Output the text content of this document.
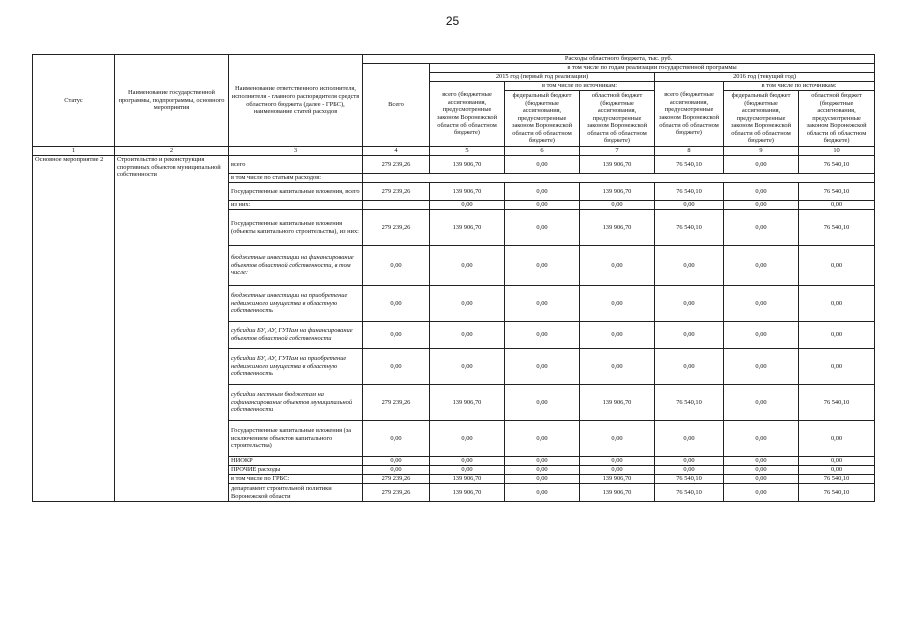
25
Статус	Наименование государственной программы, подпрограммы, основного мероприятия	Наименование ответственного исполнителя, исполнителя - главного распорядителя средств областного бюджета (далее - ГРБС), наименование статей расходов	Расходы областного бюджета, тыс. руб.						
			Всего	в том числе по годам реализации государственной программы					
				2015 год (первый год реализации)			2016 год (текущий год)		
				всего (бюджетные ассигнования, предусмотренные законом Воронежской области об областном бюджете)	в том числе по источникам:		всего (бюджетные ассигнования, предусмотренные законом Воронежской области об областном бюджете)	в том числе по источникам:	
					федеральный бюджет (бюджетные ассигнования, предусмотренные законом Воронежской области об областном бюджете)	областной бюджет (бюджетные ассигнования, предусмотренные законом Воронежской области об областном бюджете)		федеральный бюджет (бюджетные ассигнования, предусмотренные законом Воронежской области об областном бюджете)	областной бюджет (бюджетные ассигнования, предусмотренные законом Воронежской области об областном бюджете)
1	2	3	4	5	6	7	8	9	10
Основное мероприятие 2	Строительство и реконструкция спортивных объектов муниципальной собственности	всего	279 239,26	139 906,70	0,00	139 906,70	76 540,10	0,00	76 540,10
		в том числе по статьям расходов:							
		Государственные капитальные вложения, всего	279 239,26	139 906,70	0,00	139 906,70	76 540,10	0,00	76 540,10
		из них:		0,00	0,00	0,00	0,00	0,00	0,00
		Государственные капитальные вложения (объекты капитального строительства), из них:	279 239,26	139 906,70	0,00	139 906,70	76 540,10	0,00	76 540,10
		бюджетные инвестиции на финансирование объектов областной собственности, в том числе:	0,00	0,00	0,00	0,00	0,00	0,00	0,00
		бюджетные инвестиции на приобретение недвижимого имущества в областную собственность	0,00	0,00	0,00	0,00	0,00	0,00	0,00
		субсидии БУ, АУ, ГУПам на финансирование объектов областной собственности	0,00	0,00	0,00	0,00	0,00	0,00	0,00
		субсидии БУ, АУ, ГУПам на приобретение недвижимого имущества в областную собственность	0,00	0,00	0,00	0,00	0,00	0,00	0,00
		субсидии местным бюджетам на софинансирование объектов муниципальной собственности	279 239,26	139 906,70	0,00	139 906,70	76 540,10	0,00	76 540,10
		Государственные капитальные вложения (за исключением объектов капитального строительства)	0,00	0,00	0,00	0,00	0,00	0,00	0,00
		НИОКР	0,00	0,00	0,00	0,00	0,00	0,00	0,00
		ПРОЧИЕ расходы	0,00	0,00	0,00	0,00	0,00	0,00	0,00
		в том числе по ГРБС:	279 239,26	139 906,70	0,00	139 906,70	76 540,10	0,00	76 540,10
		департамент строительной политики Воронежской области	279 239,26	139 906,70	0,00	139 906,70	76 540,10	0,00	76 540,10
